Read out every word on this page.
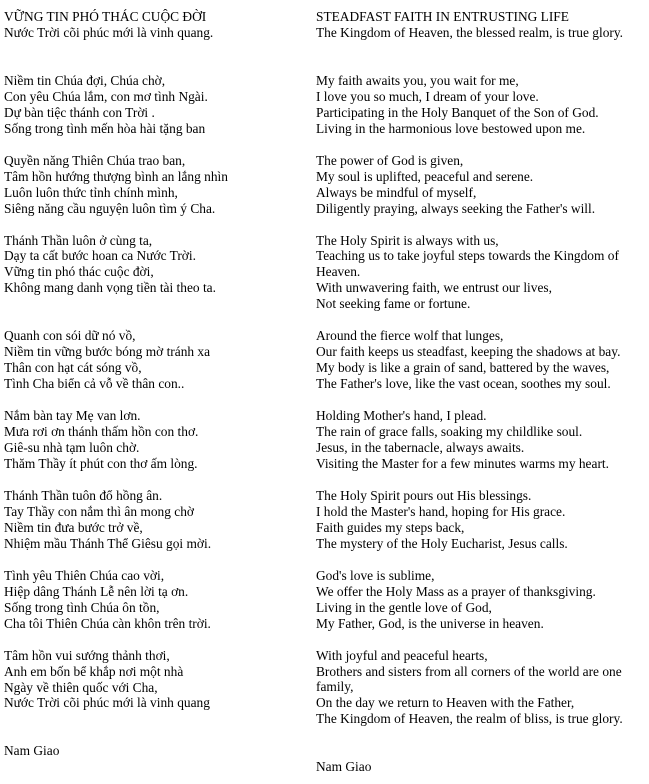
VỮNG TIN PHÓ THÁC CUỘC ĐỜI
Nước Trời cõi phúc mới là vinh quang.
Niềm tin Chúa đợi, Chúa chờ,
Con yêu Chúa lắm, con mơ tình Ngài.
Dự bàn tiệc thánh con Trời .
Sống trong tình mến hòa hài tặng ban
Quyền năng Thiên Chúa trao ban,
Tâm hồn hướng thượng bình an lắng nhìn
Luôn luôn thức tỉnh chính mình,
Siêng năng cầu nguyện luôn tìm ý Cha.
Thánh Thần luôn ở cùng ta,
Dạy ta cất bước hoan ca Nước Trời.
Vững tin phó thác cuộc đời,
Không mang danh vọng tiền tài theo ta.
Quanh con sói dữ nó vồ,
Niềm tin vững bước bóng mờ tránh xa
Thân con hạt cát sóng vồ,
Tình Cha biển cả vỗ về thân con..
Nắm bàn tay Mẹ van lơn.
Mưa rơi ơn thánh thấm hồn con thơ.
Giê-su nhà tạm luôn chờ.
Thăm Thầy ít phút con thơ ấm lòng.
Thánh Thần tuôn đổ hồng ân.
Tay Thầy con nắm thì ân mong chờ
Niềm tin đưa bước trở về,
Nhiệm mầu Thánh Thể Giêsu gọi mời.
Tình yêu Thiên Chúa cao vời,
Hiệp dâng Thánh Lễ nên lời tạ ơn.
Sống trong tình Chúa ôn tồn,
Cha tôi Thiên Chúa càn khôn trên trời.
Tâm hồn vui sướng thảnh thơi,
Anh em bốn bể khắp nơi một nhà
Ngày về thiên quốc với Cha,
Nước Trời cõi phúc mới là vinh quang
Nam Giao
STEADFAST FAITH IN ENTRUSTING LIFE
The Kingdom of Heaven, the blessed realm, is true glory.
My faith awaits you, you wait for me,
I love you so much, I dream of your love.
Participating in the Holy Banquet of the Son of God.
Living in the harmonious love bestowed upon me.
The power of God is given,
My soul is uplifted, peaceful and serene.
Always be mindful of myself,
Diligently praying, always seeking the Father's will.
The Holy Spirit is always with us,
Teaching us to take joyful steps towards the Kingdom of Heaven.
With unwavering faith, we entrust our lives,
Not seeking fame or fortune.
Around the fierce wolf that lunges,
Our faith keeps us steadfast, keeping the shadows at bay.
My body is like a grain of sand, battered by the waves,
The Father's love, like the vast ocean, soothes my soul.
Holding Mother's hand, I plead.
The rain of grace falls, soaking my childlike soul.
Jesus, in the tabernacle, always awaits.
Visiting the Master for a few minutes warms my heart.
The Holy Spirit pours out His blessings.
I hold the Master's hand, hoping for His grace.
Faith guides my steps back,
The mystery of the Holy Eucharist, Jesus calls.
God's love is sublime,
We offer the Holy Mass as a prayer of thanksgiving.
Living in the gentle love of God,
My Father, God, is the universe in heaven.
With joyful and peaceful hearts,
Brothers and sisters from all corners of the world are one family,
On the day we return to Heaven with the Father,
The Kingdom of Heaven, the realm of bliss, is true glory.
Nam Giao
